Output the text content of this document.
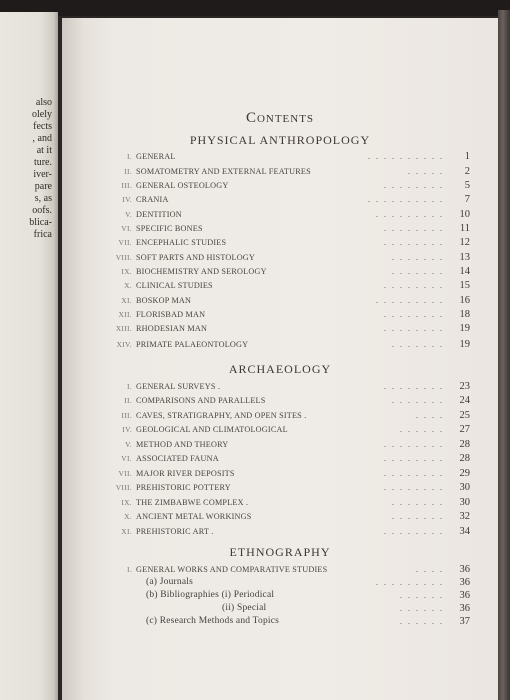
also
olely
fects
, and
at it
ture.
iver-
pare
s, as
oofs.
blica-
frica
Contents
PHYSICAL ANTHROPOLOGY
I. GENERAL	. . . . . . . . . .	1
II. SOMATOMETRY AND EXTERNAL FEATURES	. . . . .	2
III. GENERAL OSTEOLOGY	. . . . . . . .	5
IV. CRANIA	. . . . . . . . . .	7
V. DENTITION	. . . . . . . . .	10
VI. SPECIFIC BONES	. . . . . . . .	11
VII. ENCEPHALIC STUDIES	. . . . . . . .	12
VIII. SOFT PARTS AND HISTOLOGY	. . . . . . .	13
IX. BIOCHEMISTRY AND SEROLOGY	. . . . . . .	14
X. CLINICAL STUDIES	. . . . . . . .	15
XI. BOSKOP MAN	. . . . . . . . .	16
XII. FLORISBAD MAN	. . . . . . . .	18
XIII. RHODESIAN MAN	. . . . . . . .	19
XIV. PRIMATE PALAEONTOLOGY	. . . . . . .	19
ARCHAEOLOGY
I. GENERAL SURVEYS .	. . . . . . . .	23
II. COMPARISONS AND PARALLELS	. . . . . . .	24
III. CAVES, STRATIGRAPHY, AND OPEN SITES .	. . . .	25
IV. GEOLOGICAL AND CLIMATOLOGICAL	. . . . . .	27
V. METHOD AND THEORY	. . . . . . . .	28
VI. ASSOCIATED FAUNA	. . . . . . . .	28
VII. MAJOR RIVER DEPOSITS	. . . . . . . .	29
VIII. PREHISTORIC POTTERY	. . . . . . . .	30
IX. THE ZIMBABWE COMPLEX .	. . . . . . .	30
X. ANCIENT METAL WORKINGS	. . . . . . .	32
XI. PREHISTORIC ART .	. . . . . . . .	34
ETHNOGRAPHY
I. GENERAL WORKS AND COMPARATIVE STUDIES	. . . .	36
(a) Journals	. . . . . . . . .	36
(b) Bibliographies (i) Periodical	. . . . . .	36
(ii) Special	. . . . . .	36
(c) Research Methods and Topics	. . . . . .	37
